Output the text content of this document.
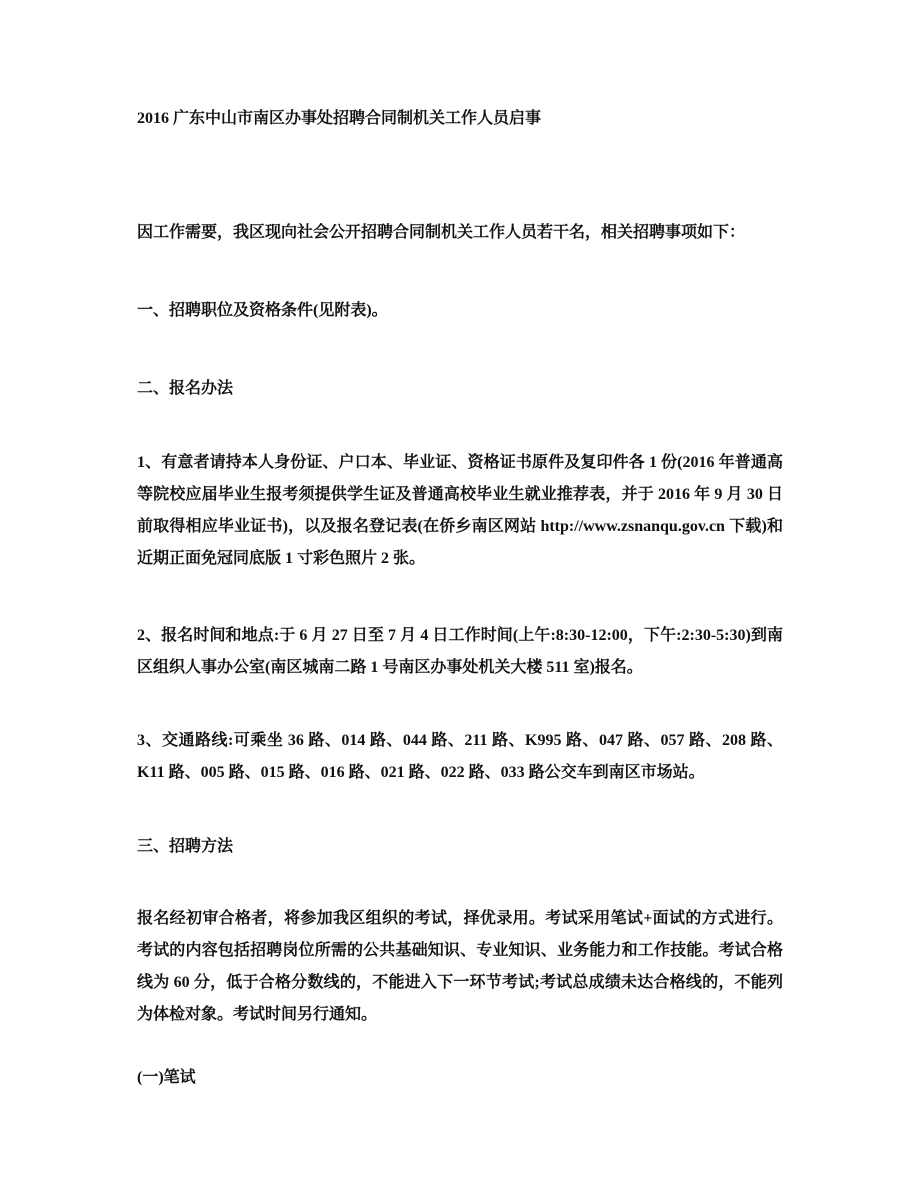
2016 广东中山市南区办事处招聘合同制机关工作人员启事

因工作需要，我区现向社会公开招聘合同制机关工作人员若干名，相关招聘事项如下：

一、招聘职位及资格条件(见附表)。

二、报名办法

1、有意者请持本人身份证、户口本、毕业证、资格证书原件及复印件各 1 份(2016 年普通高等院校应届毕业生报考须提供学生证及普通高校毕业生就业推荐表，并于 2016 年 9 月 30 日前取得相应毕业证书)，以及报名登记表(在侨乡南区网站 http://www.zsnanqu.gov.cn 下载)和近期正面免冠同底版 1 寸彩色照片 2 张。

2、报名时间和地点:于 6 月 27 日至 7 月 4 日工作时间(上午:8:30-12:00，下午:2:30-5:30)到南区组织人事办公室(南区城南二路 1 号南区办事处机关大楼 511 室)报名。

3、交通路线:可乘坐 36 路、014 路、044 路、211 路、K995 路、047 路、057 路、208 路、K11 路、005 路、015 路、016 路、021 路、022 路、033 路公交车到南区市场站。

三、招聘方法

报名经初审合格者，将参加我区组织的考试，择优录用。考试采用笔试+面试的方式进行。考试的内容包括招聘岗位所需的公共基础知识、专业知识、业务能力和工作技能。考试合格线为 60 分，低于合格分数线的，不能进入下一环节考试;考试总成绩未达合格线的，不能列为体检对象。考试时间另行通知。

(一)笔试
